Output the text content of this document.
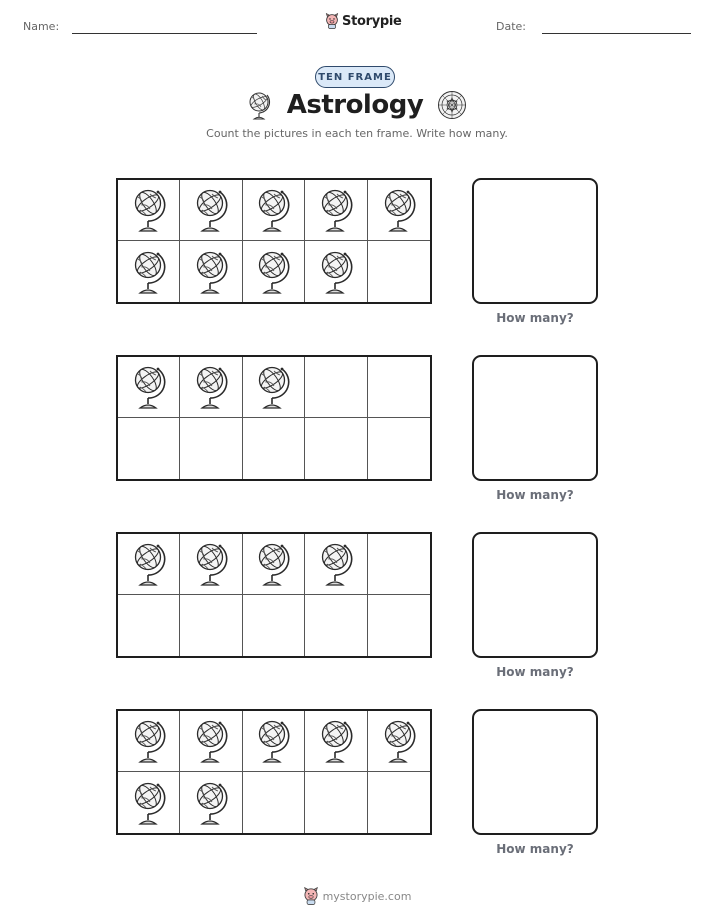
Name:	Storypie	Date:
TEN FRAME
Astrology
Count the pictures in each ten frame. Write how many.
How many?
How many?
How many?
How many?
mystorypie.com
